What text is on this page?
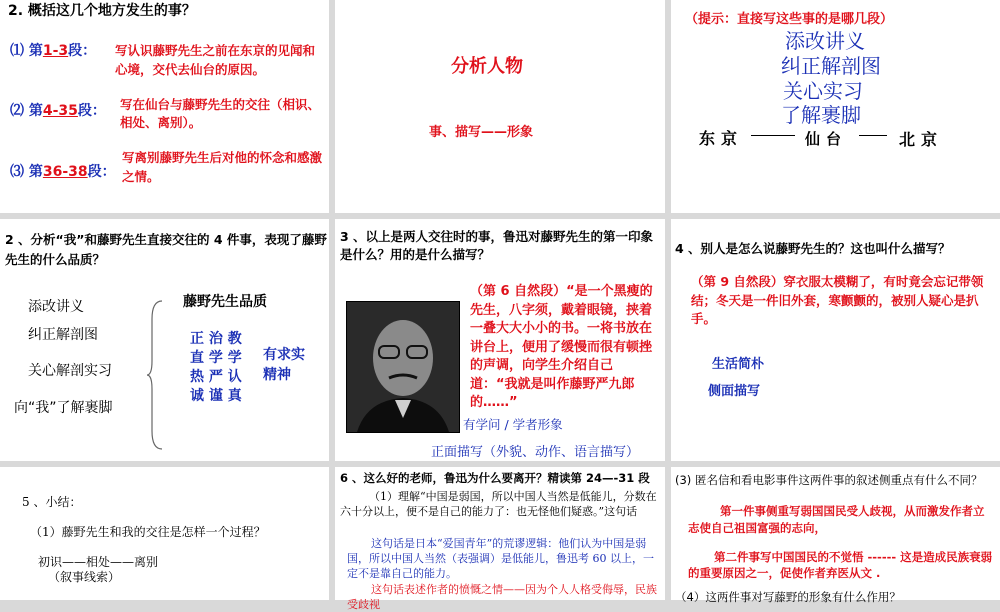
2. 概括这几个地方发生的事？
⑴ 第1-3段： 写认识藤野先生之前在东京的见闻和心境，交代去仙台的原因。
⑵ 第4-35段： 写在仙台与藤野先生的交往（相识、相处、离别）。
⑶ 第36-38段：
写离别藤野先生后对他的怀念和感激之情。
分析人物
事、描写——形象
（提示：直接写这些事的是哪几段）
添改讲义
纠正解剖图
关心实习
了解裹脚
东京	仙台	北京
2 、分析“我”和藤野先生直接交往的 4 件事，表现了藤野先生的什么品质？
添改讲义
纠正解剖图
关心解剖实习
向“我”了解裹脚
藤野先生品质
正 治 教
直 学 学
热 严 认
诚 谨 真
有求实
精神
3 、以上是两人交往时的事，鲁迅对藤野先生的第一印象是什么？用的是什么描写？
（第 6 自然段）“是一个黑瘦的先生，八字须，戴着眼镜，挟着一叠大大小小的书。一将书放在讲台上，便用了缓慢而很有顿挫的声调，向学生介绍自己道：“我就是叫作藤野严九郎的……”
有学问 / 学者形象
正面描写（外貌、动作、语言描写）
4 、别人是怎么说藤野先生的？这也叫什么描写？
（第 9 自然段）穿衣服太模糊了，有时竟会忘记带领结；冬天是一件旧外套，寒颤颤的，被别人疑心是扒手。
生活简朴
侧面描写
5 、小结：
（1）藤野先生和我的交往是怎样一个过程？
初识——相处——离别
（叙事线索）
6 、这么好的老师，鲁迅为什么要离开？精读第 24—-31 段
（1）理解“中国是弱国，所以中国人当然是低能儿，分数在六十分以上，便不是自己的能力了：也无怪他们疑惑。”这句话
这句话是日本“爱国青年”的荒谬逻辑：他们认为中国是弱国，所以中国人当然（表强调）是低能儿，鲁迅考 60 以上，一定不是靠自己的能力。
这句话表述作者的愤慨之情——因为个人人格受侮辱，民族受歧视
(3) 匿名信和看电影事件这两件事的叙述侧重点有什么不同？
第一件事侧重写弱国国民受人歧视，从而激发作者立志使自己祖国富强的志向，
第二件事写中国国民的不觉悟 ------ 这是造成民族衰弱的重要原因之一，促使作者弃医从文 .
（4）这两件事对写藤野的形象有什么作用？
